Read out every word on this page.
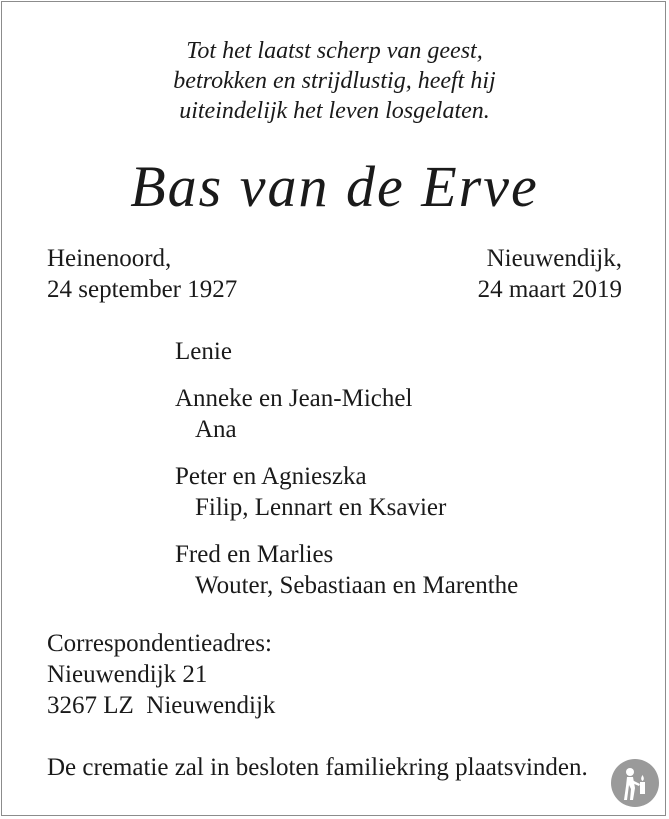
Tot het laatst scherp van geest,
betrokken en strijdlustig, heeft hij
uiteindelijk het leven losgelaten.
Bas van de Erve
Heinenoord,
24 september 1927
Nieuwendijk,
24 maart 2019
Lenie
Anneke en Jean-Michel
Ana
Peter en Agnieszka
Filip, Lennart en Ksavier
Fred en Marlies
Wouter, Sebastiaan en Marenthe
Correspondentieadres:
Nieuwendijk 21
3267 LZ  Nieuwendijk
De crematie zal in besloten familiekring plaatsvinden.
